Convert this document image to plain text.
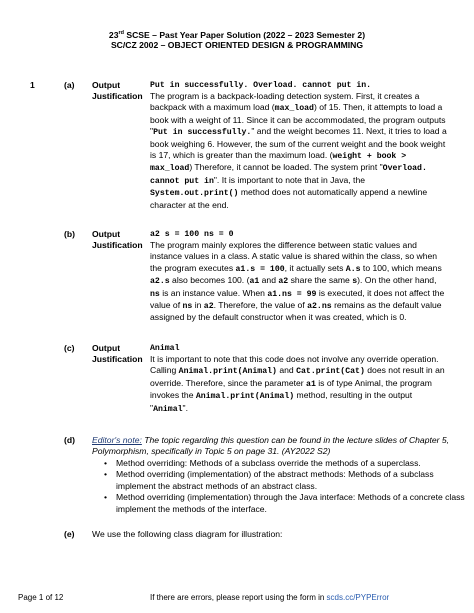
23rd SCSE – Past Year Paper Solution (2022 – 2023 Semester 2)
SC/CZ 2002 – OBJECT ORIENTED DESIGN & PROGRAMMING
1	(a) Output
Justification
Put in successfully. Overload. cannot put in.
The program is a backpack-loading detection system. First, it creates a
backpack with a maximum load (max_load) of 15. Then, it attempts to load a
book with a weight of 11. Since it can be accommodated, the program outputs
"Put in successfully." and the weight becomes 11. Next, it tries to load a
book weighing 6. However, the sum of the current weight and the book weight
is 17, which is greater than the maximum load. (weight + book >
max_load) Therefore, it cannot be loaded. The system print "Overload.
cannot put in". It is important to note that in Java, the
System.out.print() method does not automatically append a newline
character at the end.
(b) Output
Justification
a2 s = 100 ns = 0
The program mainly explores the difference between static values and
instance values in a class. A static value is shared within the class, so when
the program executes a1.s = 100, it actually sets A.s to 100, which means
a2.s also becomes 100. (a1 and a2 share the same s). On the other hand,
ns is an instance value. When a1.ns = 99 is executed, it does not affect the
value of ns in a2. Therefore, the value of a2.ns remains as the default value
assigned by the default constructor when it was created, which is 0.
(c) Output
Justification
Animal
It is important to note that this code does not involve any override operation.
Calling Animal.print(Animal) and Cat.print(Cat) does not result in an
override. Therefore, since the parameter a1 is of type Animal, the program
invokes the Animal.print(Animal) method, resulting in the output
"Animal".
(d) Editor's note: The topic regarding this question can be found in the lecture slides of Chapter 5, Polymorphism, specifically in Topic 5 on page 31. (AY2022 S2)
• Method overriding: Methods of a subclass override the methods of a superclass.
• Method overriding (implementation) of the abstract methods: Methods of a subclass implement the abstract methods of an abstract class.
• Method overriding (implementation) through the Java interface: Methods of a concrete class implement the methods of the interface.
(e) We use the following class diagram for illustration:
Page 1 of 12	If there are errors, please report using the form in scds.cc/PYPError
